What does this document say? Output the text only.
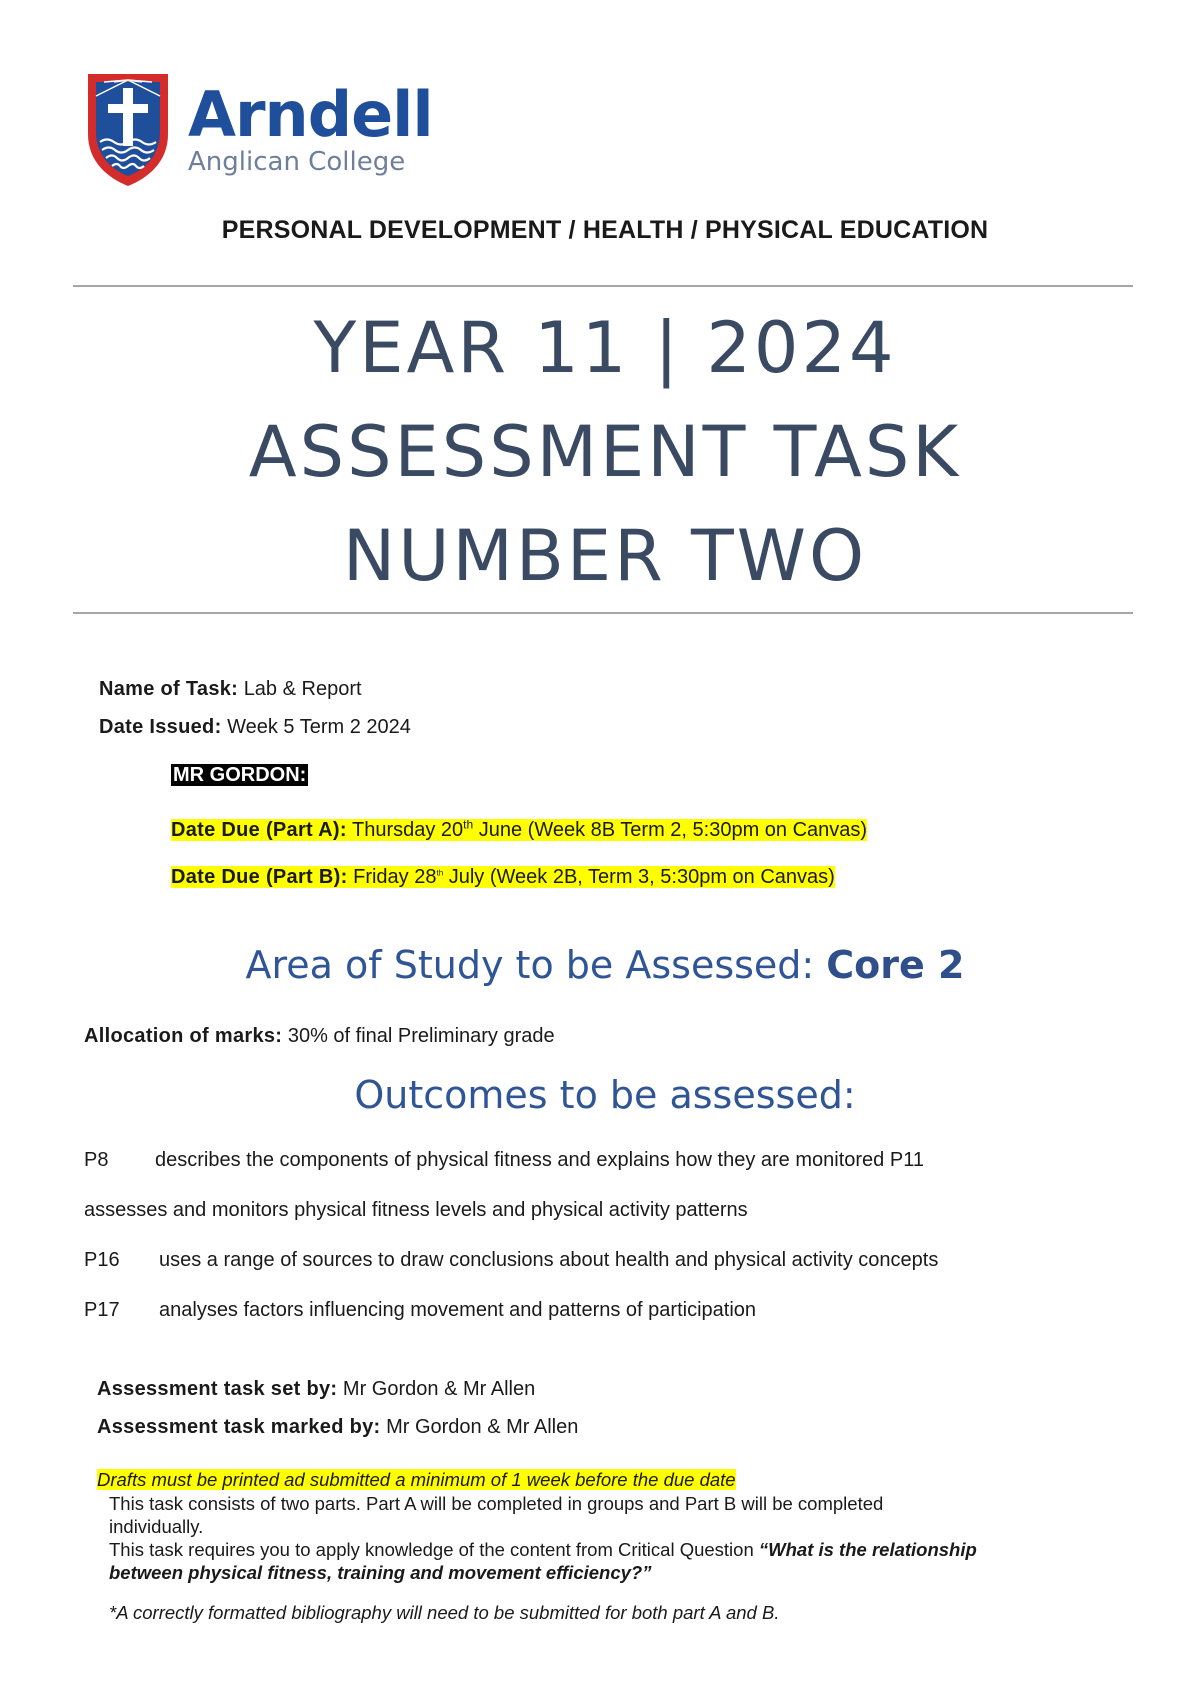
Arndell
Anglican College
PERSONAL DEVELOPMENT / HEALTH / PHYSICAL EDUCATION
YEAR 11 | 2024
ASSESSMENT TASK
NUMBER TWO
Name of Task: Lab & Report
Date Issued: Week 5 Term 2 2024
MR GORDON:
Date Due (Part A): Thursday 20th June (Week 8B Term 2, 5:30pm on Canvas)
Date Due (Part B): Friday 28th July (Week 2B, Term 3, 5:30pm on Canvas)
Area of Study to be Assessed: Core 2
Allocation of marks: 30% of final Preliminary grade
Outcomes to be assessed:
P8 describes the components of physical fitness and explains how they are monitored P11
assesses and monitors physical fitness levels and physical activity patterns
P16 uses a range of sources to draw conclusions about health and physical activity concepts
P17 analyses factors influencing movement and patterns of participation
Assessment task set by: Mr Gordon & Mr Allen
Assessment task marked by: Mr Gordon & Mr Allen
Drafts must be printed ad submitted a minimum of 1 week before the due date
This task consists of two parts. Part A will be completed in groups and Part B will be completed
individually.
This task requires you to apply knowledge of the content from Critical Question “What is the relationship
between physical fitness, training and movement efficiency?”
*A correctly formatted bibliography will need to be submitted for both part A and B.
